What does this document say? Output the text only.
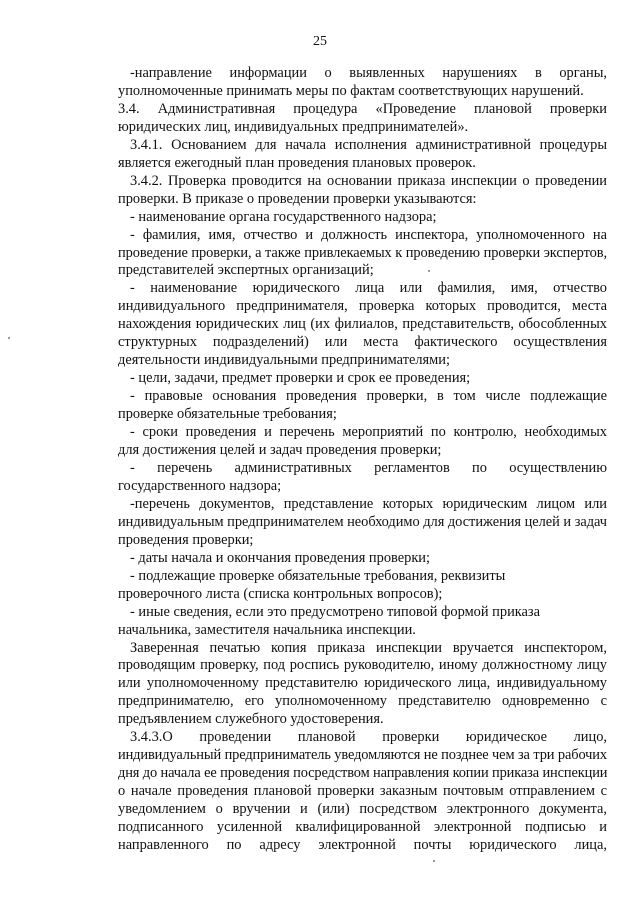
25
-направление информации о выявленных нарушениях в органы,
уполномоченные принимать меры по фактам соответствующих нарушений.
3.4. Административная процедура «Проведение плановой проверки
юридических лиц, индивидуальных предпринимателей».
3.4.1. Основанием для начала исполнения административной процедуры
является ежегодный план проведения плановых проверок.
3.4.2. Проверка проводится на основании приказа инспекции о проведении
проверки. В приказе о проведении проверки указываются:
- наименование органа государственного надзора;
- фамилия, имя, отчество и должность инспектора, уполномоченного на
проведение проверки, а также привлекаемых к проведению проверки экспертов,
представителей экспертных организаций;
- наименование юридического лица или фамилия, имя, отчество
индивидуального предпринимателя, проверка которых проводится, места
нахождения юридических лиц (их филиалов, представительств, обособленных
структурных подразделений) или места фактического осуществления
деятельности индивидуальными предпринимателями;
- цели, задачи, предмет проверки и срок ее проведения;
- правовые основания проведения проверки, в том числе подлежащие
проверке обязательные требования;
- сроки проведения и перечень мероприятий по контролю, необходимых
для достижения целей и задач проведения проверки;
- перечень административных регламентов по осуществлению
государственного надзора;
-перечень документов, представление которых юридическим лицом или
индивидуальным предпринимателем необходимо для достижения целей и задач
проведения проверки;
- даты начала и окончания проведения проверки;
- подлежащие проверке обязательные требования, реквизиты
проверочного листа (списка контрольных вопросов);
- иные сведения, если это предусмотрено типовой формой приказа
начальника, заместителя начальника инспекции.
Заверенная печатью копия приказа инспекции вручается инспектором,
проводящим проверку, под роспись руководителю, иному должностному лицу
или уполномоченному представителю юридического лица, индивидуальному
предпринимателю, его уполномоченному представителю одновременно с
предъявлением служебного удостоверения.
3.4.3.О проведении плановой проверки юридическое лицо,
индивидуальный предприниматель уведомляются не позднее чем за три рабочих
дня до начала ее проведения посредством направления копии приказа инспекции
о начале проведения плановой проверки заказным почтовым отправлением с
уведомлением о вручении и (или) посредством электронного документа,
подписанного усиленной квалифицированной электронной подписью и
направленного по адресу электронной почты юридического лица,
